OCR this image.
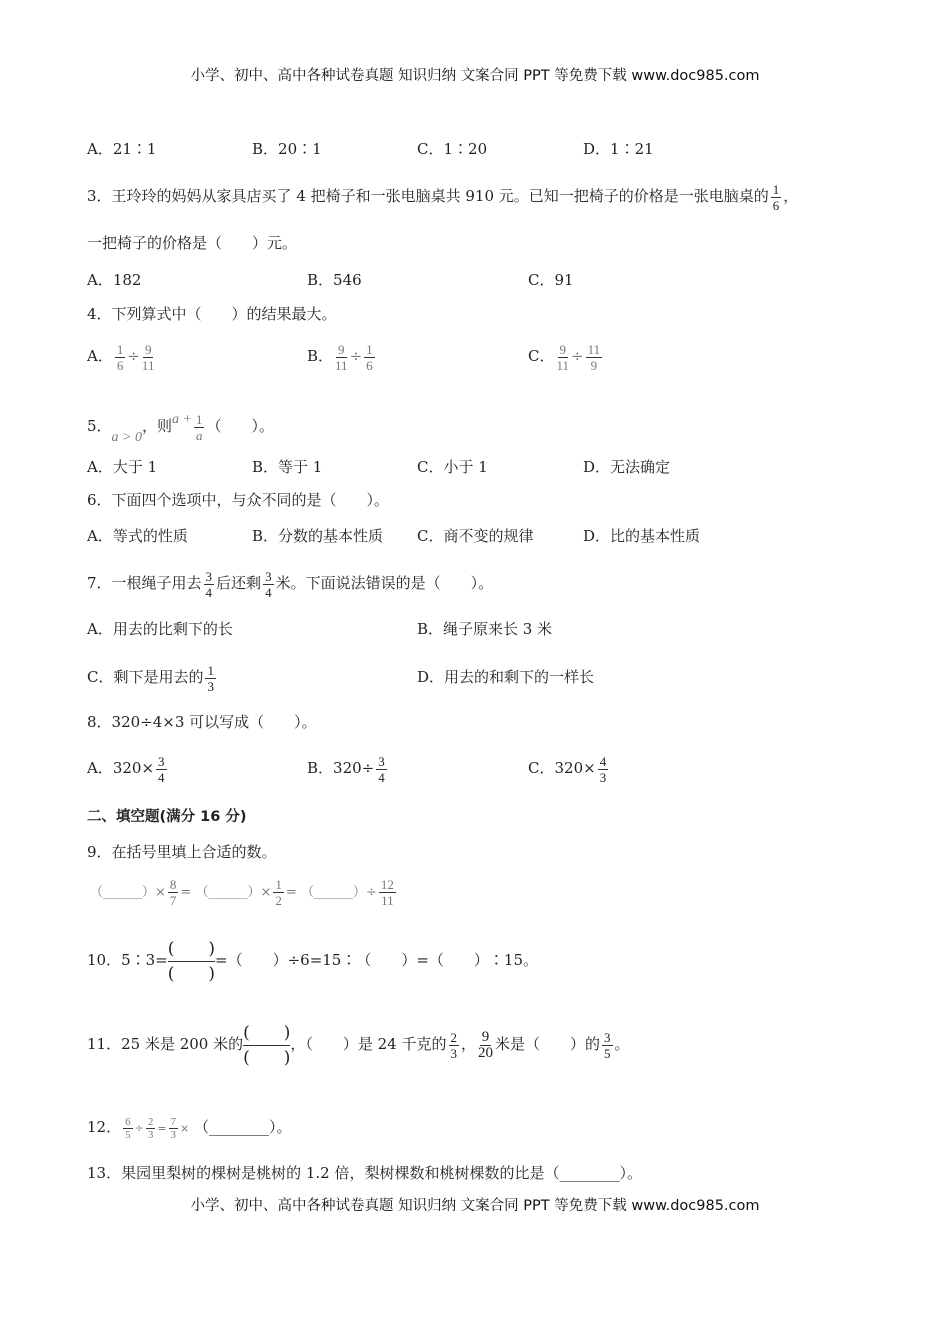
小学、初中、高中各种试卷真题 知识归纳 文案合同 PPT 等免费下载 www.doc985.com
A．21∶1	B．20∶1	C．1∶20	D．1∶21
3．王玲玲的妈妈从家具店买了 4 把椅子和一张电脑桌共 910 元。已知一把椅子的价格是一张电脑桌的 $\frac{1}{6}$ ，
一把椅子的价格是（　　）元。
A．182	B．546	C．91
4．下列算式中（　　）的结果最大。
A． $\frac{1}{6} \div \frac{9}{11}$	B． $\frac{9}{11} \div \frac{1}{6}$	C． $\frac{9}{11} \div \frac{11}{9}$
5．a > 0，则$a + \frac{1}{a}$ （　　）。
A．大于 1	B．等于 1	C．小于 1	D．无法确定
6．下面四个选项中，与众不同的是（　　）。
A．等式的性质	B．分数的基本性质 C．商不变的规律	D．比的基本性质
7．一根绳子用去 $\frac{3}{4}$ 后还剩 $\frac{3}{4}$ 米。下面说法错误的是（　　）。
A．用去的比剩下的长	B．绳子原来长 3 米
C．剩下是用去的 $\frac{1}{3}$	D．用去的和剩下的一样长
8．320÷4×3 可以写成（　　）。
A．$320\times \frac{3}{4}$	B．$320\div \frac{3}{4}$	C．$320\times \frac{4}{3}$
二、填空题(满分 16 分)
9．在括号里填上合适的数。
（______）× $\frac{8}{7}$ = （______）× $\frac{1}{2}$ = （______）÷ $\frac{12}{11}$
10．5∶3=
(　　)
(　　)
=（　　）÷6=15∶（　　）=（　　）∶15。
11．25 米是 200 米的
(　　)
(　　)
，（　　）是 24 千克的 $\frac{2}{3}$ ， $\frac{9}{20}$ 米是（　　）的 $\frac{3}{5}$ 。
12． $\frac{6}{5} \div \frac{2}{3} = \frac{7}{3}$ × （________）。
13．果园里梨树的棵树是桃树的 1.2 倍，梨树棵数和桃树棵数的比是（________）。
小学、初中、高中各种试卷真题 知识归纳 文案合同 PPT 等免费下载 www.doc985.com
